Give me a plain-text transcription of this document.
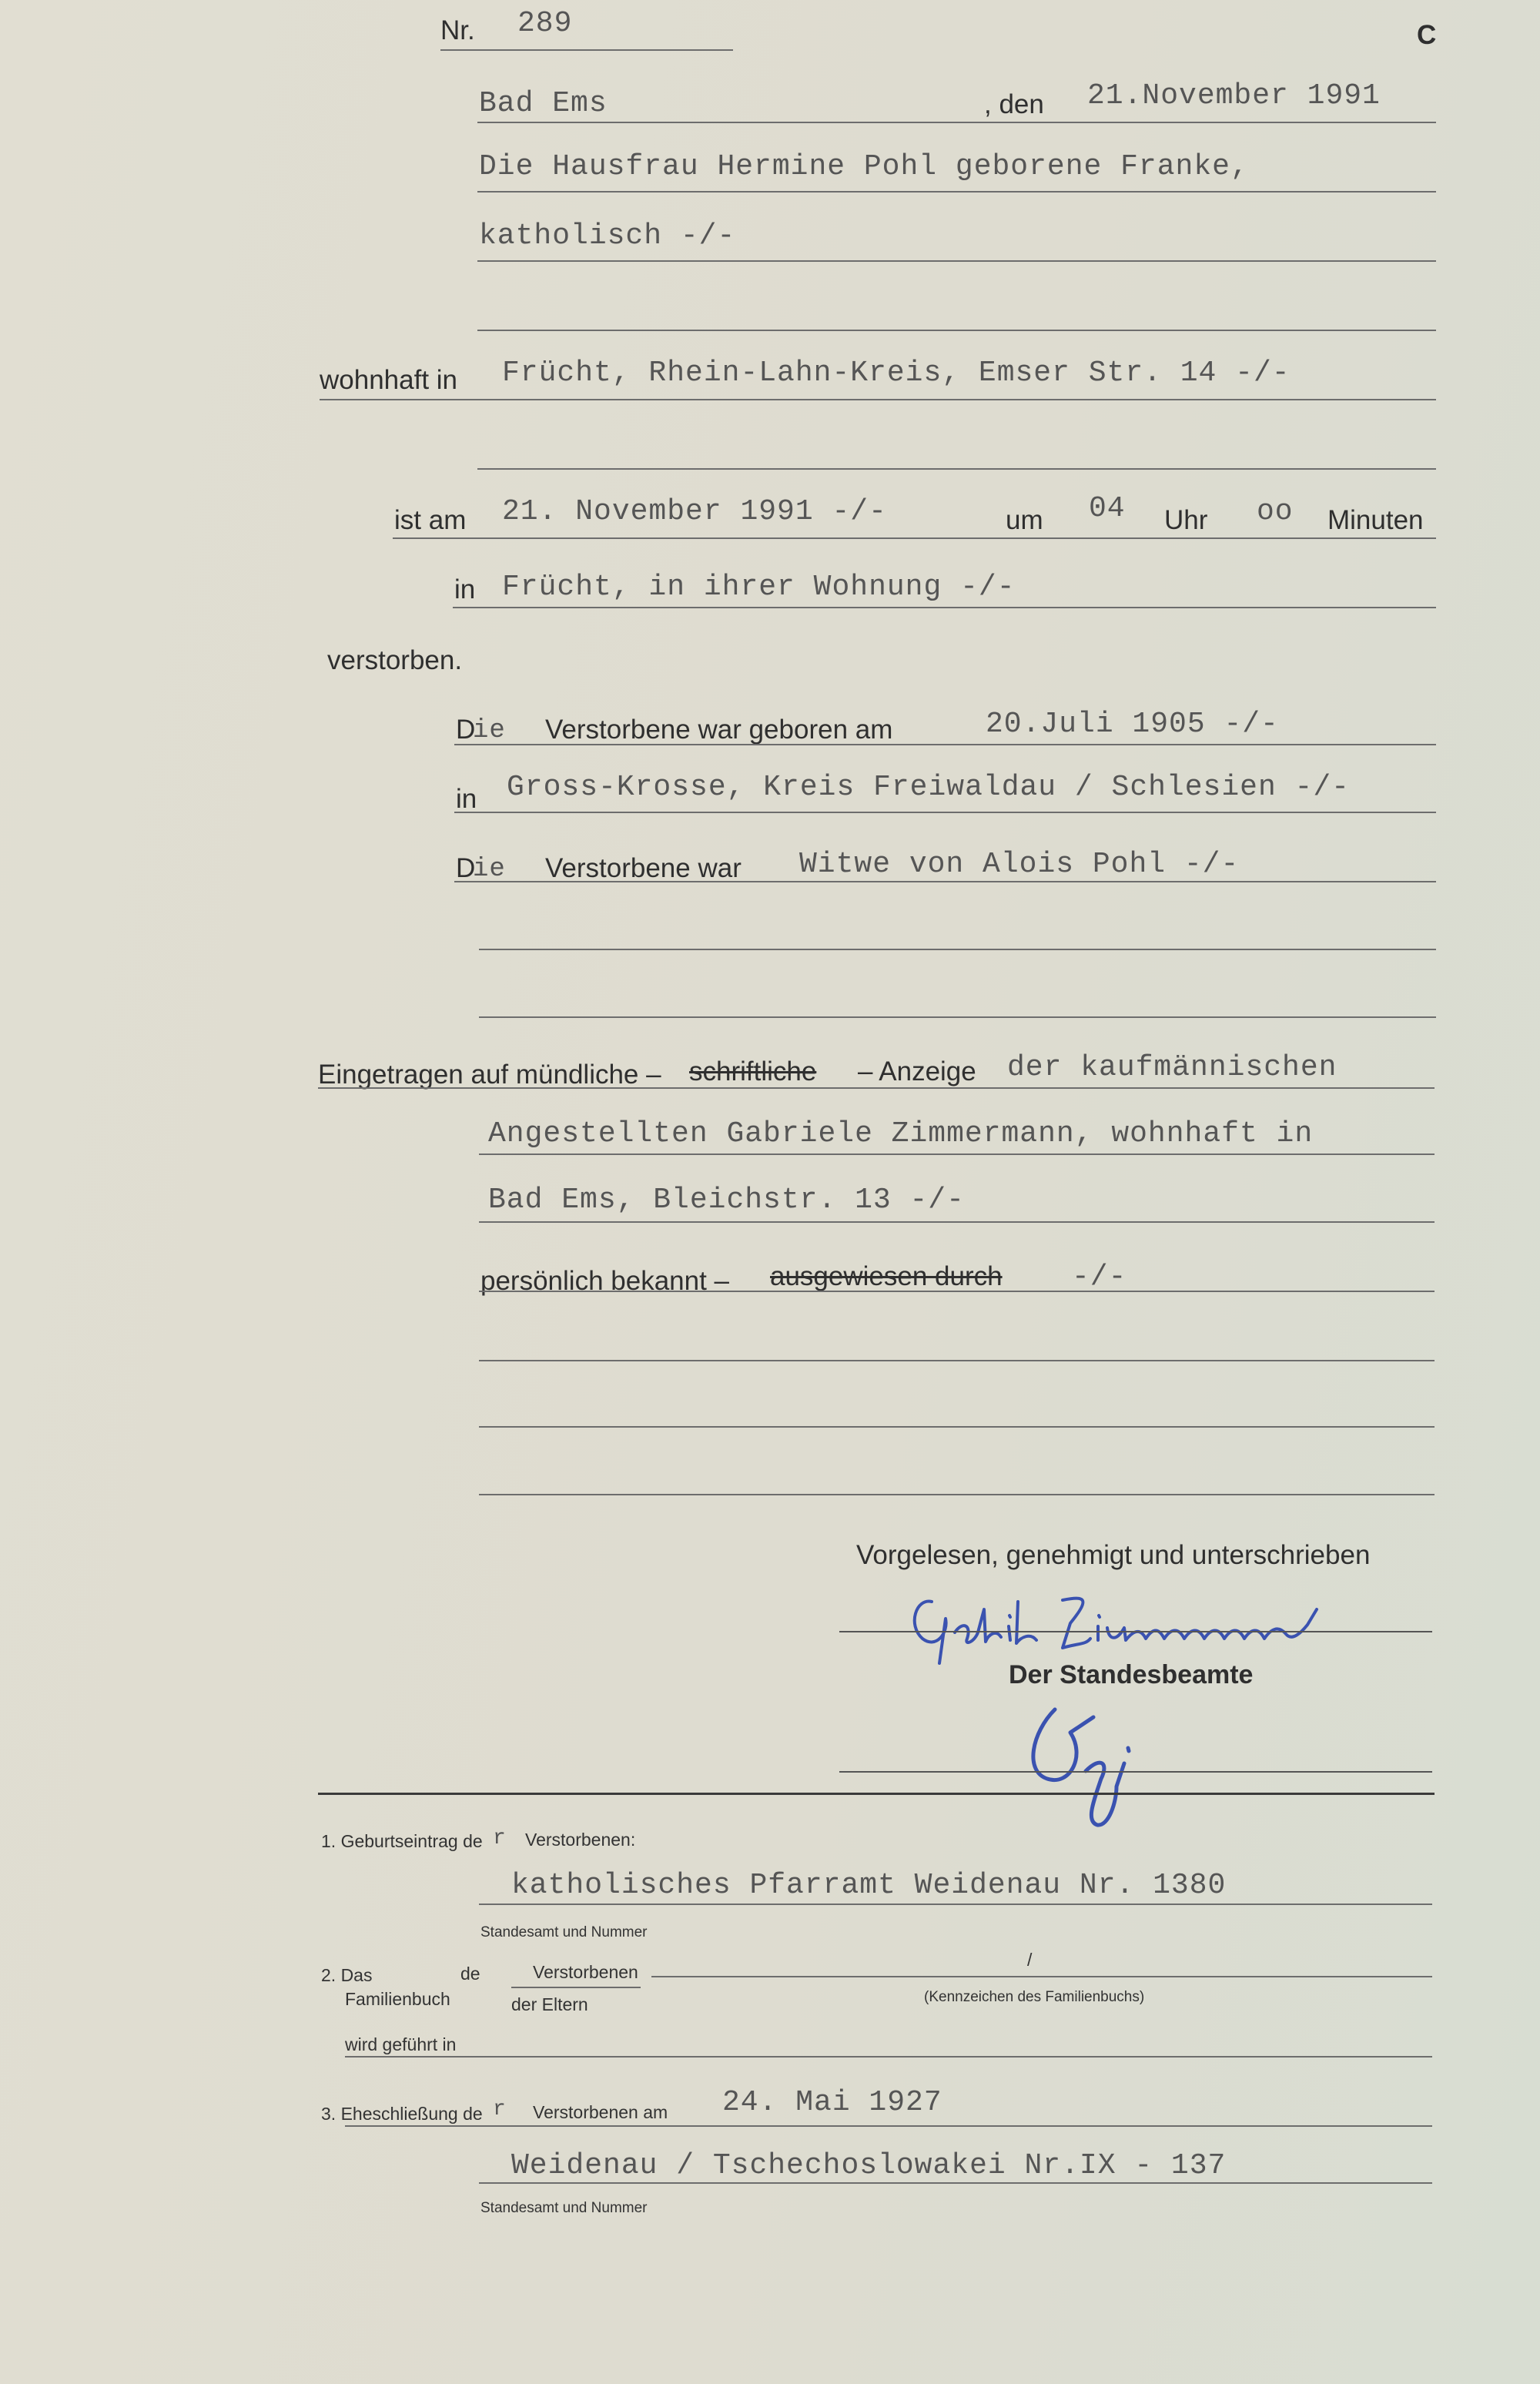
Nr. 289	C
Bad Ems	, den 21.November 1991
Die Hausfrau Hermine Pohl geborene Franke,
katholisch -/-
wohnhaft in Frücht, Rhein-Lahn-Kreis, Emser Str. 14 -/-
ist am 21. November 1991 -/-	um 04 Uhr oo Minuten
in Frücht, in ihrer Wohnung -/-
verstorben.
D
ie Verstorbene war geboren am	20.Juli 1905 -/-
in Gross-Krosse, Kreis Freiwaldau / Schlesien -/-
D
ie Verstorbene war Witwe von Alois Pohl -/-
Eingetragen auf mündliche – schriftliche – Anzeige der kaufmännischen
Angestellten Gabriele Zimmermann, wohnhaft in
Bad Ems, Bleichstr. 13 -/-
persönlich bekannt – ausgewiesen durch -/-
Vorgelesen, genehmigt und unterschrieben
Der Standesbeamte
1. Geburtseintrag de r Verstorbenen:
katholisches Pfarramt Weidenau Nr. 1380
Standesamt und Nummer
2. Das
Familienbuch
de	Verstorbenen
der Eltern
/
(Kennzeichen des Familienbuchs)
wird geführt in
3. Eheschließung de r Verstorbenen am 24. Mai 1927
Weidenau / Tschechoslowakei Nr.IX - 137
Standesamt und Nummer
